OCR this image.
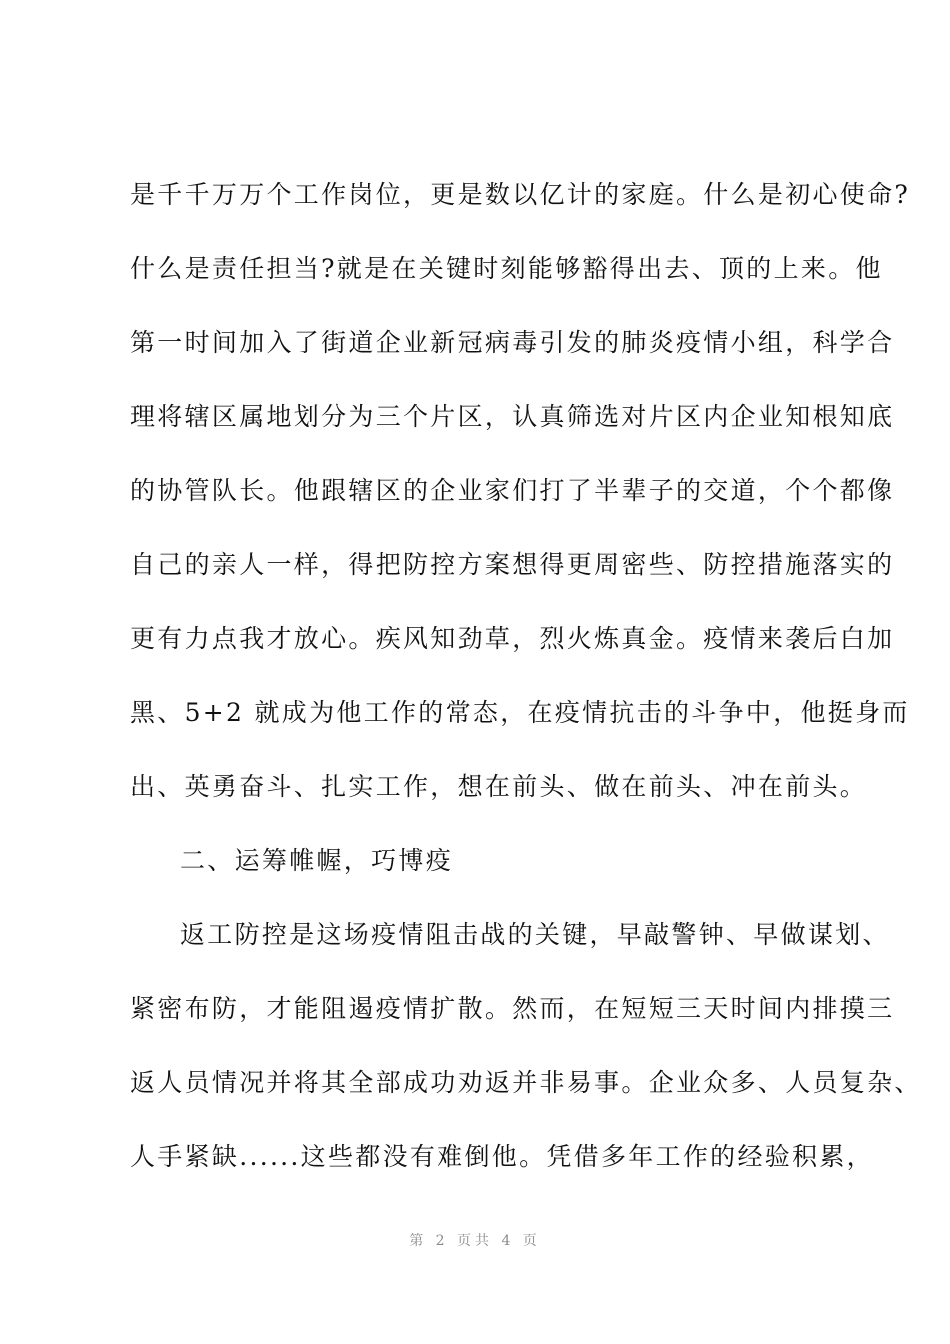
是千千万万个工作岗位，更是数以亿计的家庭。什么是初心使命?
什么是责任担当?就是在关键时刻能够豁得出去、顶的上来。他
第一时间加入了街道企业新冠病毒引发的肺炎疫情小组，科学合
理将辖区属地划分为三个片区，认真筛选对片区内企业知根知底
的协管队长。他跟辖区的企业家们打了半辈子的交道，个个都像
自己的亲人一样，得把防控方案想得更周密些、防控措施落实的
更有力点我才放心。疾风知劲草，烈火炼真金。疫情来袭后白加
黑、5+2 就成为他工作的常态，在疫情抗击的斗争中，他挺身而
出、英勇奋斗、扎实工作，想在前头、做在前头、冲在前头。
二、运筹帷幄，巧博疫
返工防控是这场疫情阻击战的关键，早敲警钟、早做谋划、
紧密布防，才能阻遏疫情扩散。然而，在短短三天时间内排摸三
返人员情况并将其全部成功劝返并非易事。企业众多、人员复杂、
人手紧缺......这些都没有难倒他。凭借多年工作的经验积累，
第 2 页共 4 页
